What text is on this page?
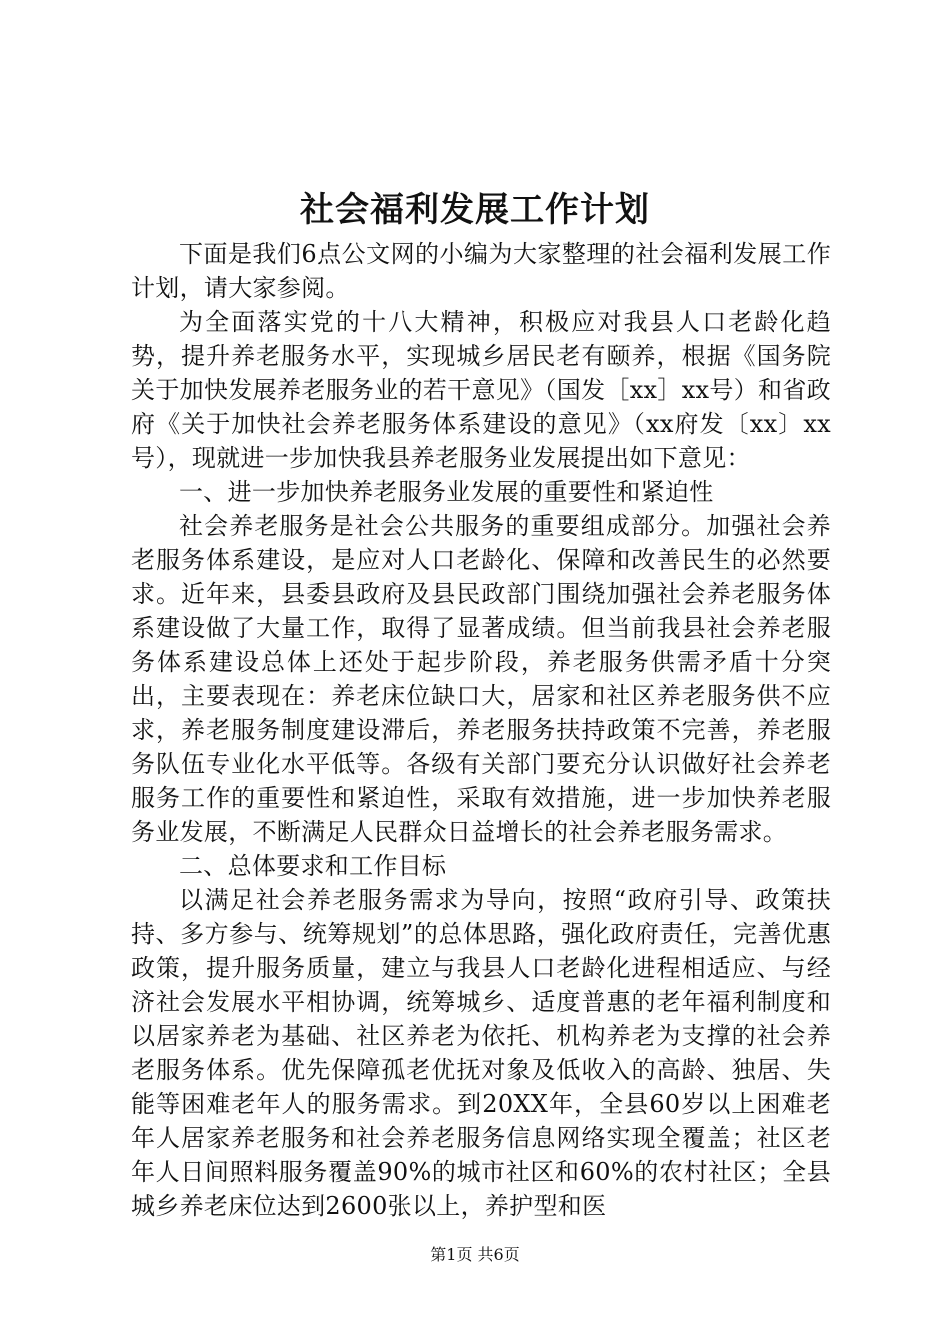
社会福利发展工作计划

下面是我们6点公文网的小编为大家整理的社会福利发展工作计划，请大家参阅。

为全面落实党的十八大精神，积极应对我县人口老龄化趋势，提升养老服务水平，实现城乡居民老有颐养，根据《国务院关于加快发展养老服务业的若干意见》（国发［xx］xx号）和省政府《关于加快社会养老服务体系建设的意见》（xx府发〔xx〕xx号），现就进一步加快我县养老服务业发展提出如下意见：

一、进一步加快养老服务业发展的重要性和紧迫性

社会养老服务是社会公共服务的重要组成部分。加强社会养老服务体系建设，是应对人口老龄化、保障和改善民生的必然要求。近年来，县委县政府及县民政部门围绕加强社会养老服务体系建设做了大量工作，取得了显著成绩。但当前我县社会养老服务体系建设总体上还处于起步阶段，养老服务供需矛盾十分突出，主要表现在：养老床位缺口大，居家和社区养老服务供不应求，养老服务制度建设滞后，养老服务扶持政策不完善，养老服务队伍专业化水平低等。各级有关部门要充分认识做好社会养老服务工作的重要性和紧迫性，采取有效措施，进一步加快养老服务业发展，不断满足人民群众日益增长的社会养老服务需求。

二、总体要求和工作目标

以满足社会养老服务需求为导向，按照“政府引导、政策扶持、多方参与、统筹规划”的总体思路，强化政府责任，完善优惠政策，提升服务质量，建立与我县人口老龄化进程相适应、与经济社会发展水平相协调，统筹城乡、适度普惠的老年福利制度和以居家养老为基础、社区养老为依托、机构养老为支撑的社会养老服务体系。优先保障孤老优抚对象及低收入的高龄、独居、失能等困难老年人的服务需求。到20XX年，全县60岁以上困难老年人居家养老服务和社会养老服务信息网络实现全覆盖；社区老年人日间照料服务覆盖90%的城市社区和60%的农村社区；全县城乡养老床位达到2600张以上，养护型和医

第1页 共6页
